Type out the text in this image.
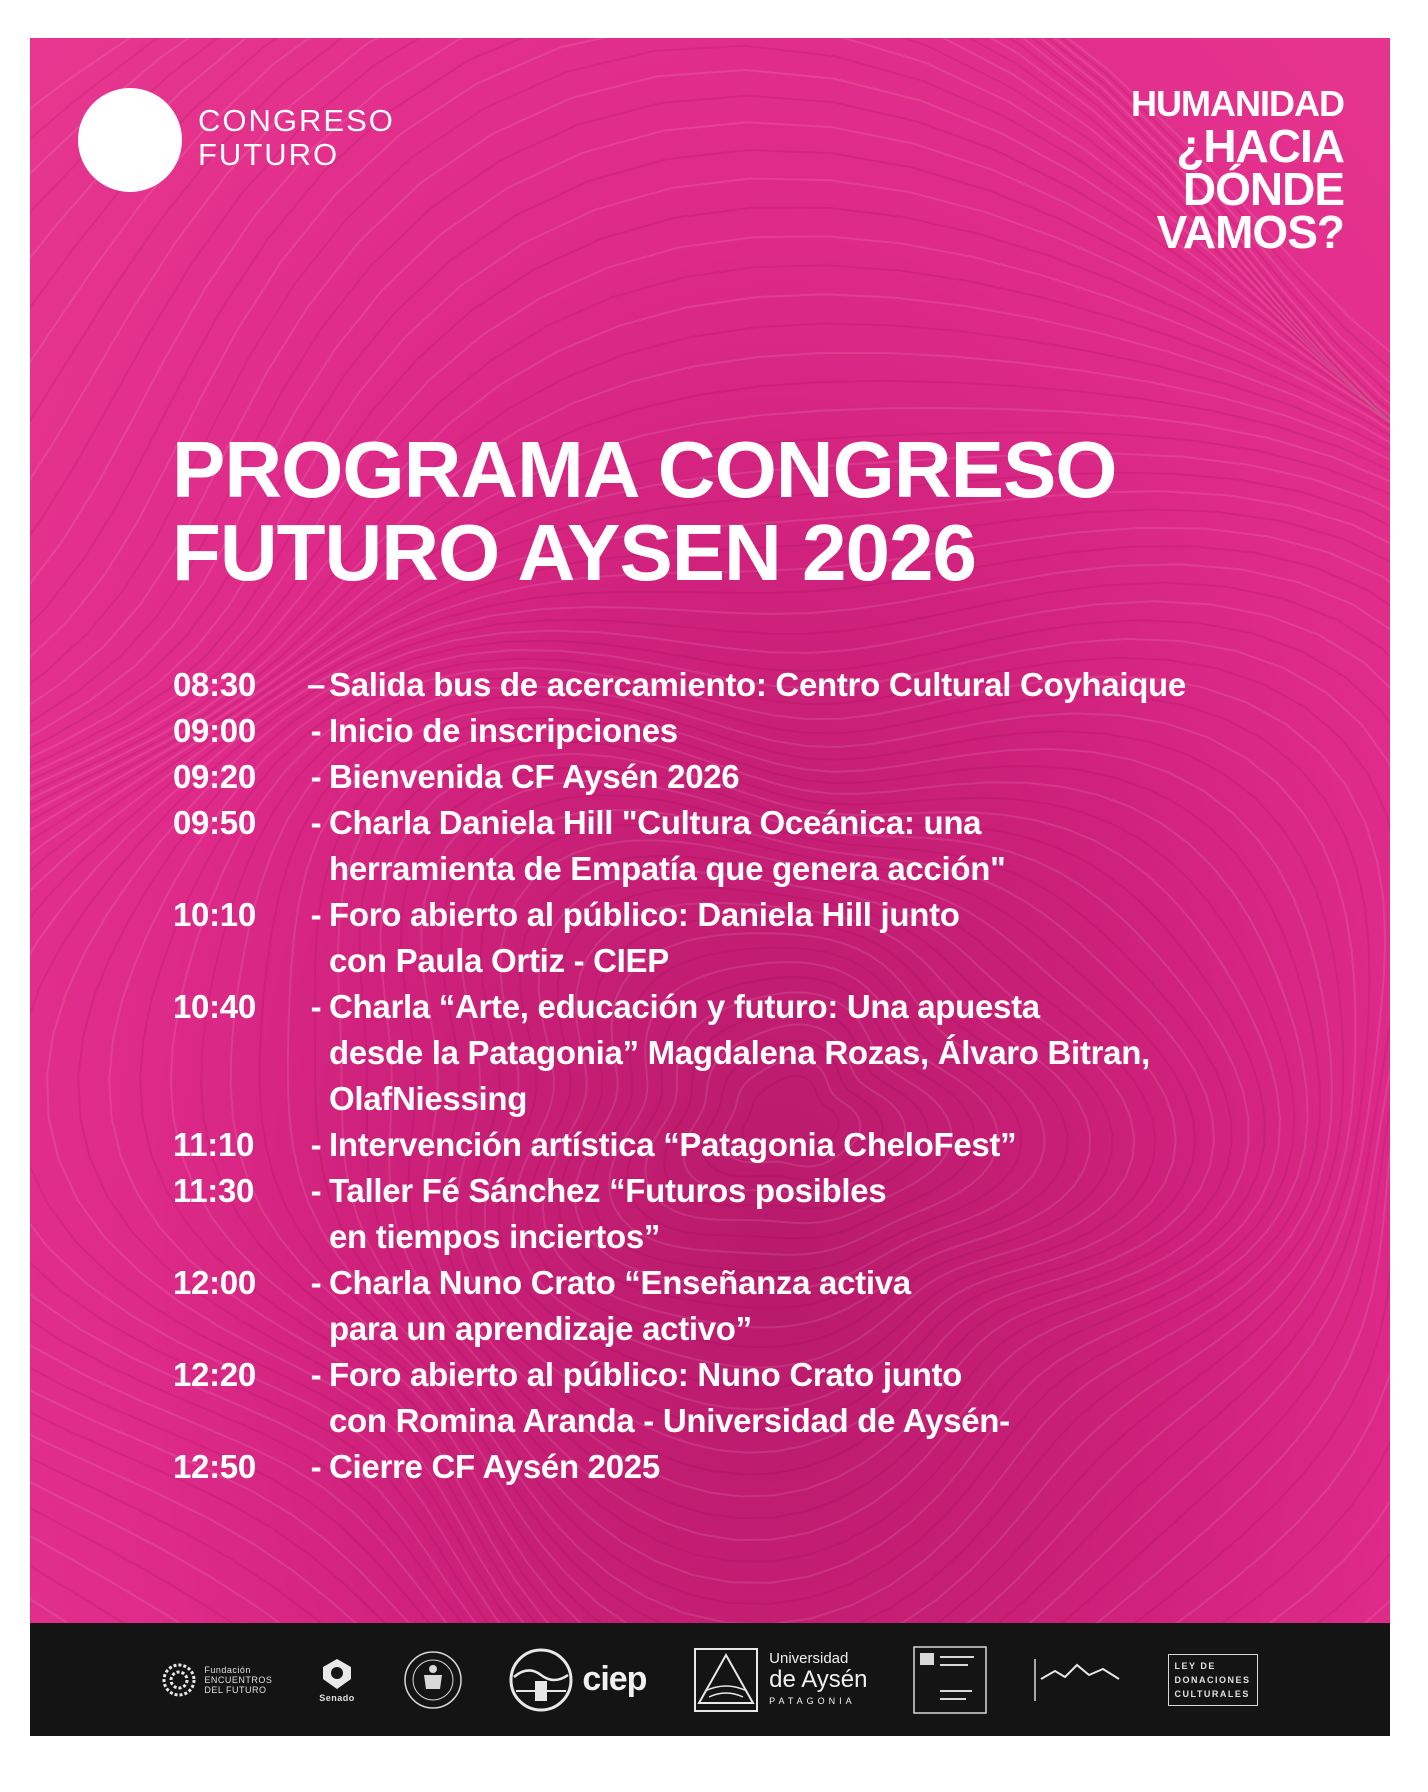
CONGRESO
FUTURO
HUMANIDAD
¿HACIA
DÓNDE
VAMOS?
PROGRAMA CONGRESO
FUTURO AYSEN 2026
08:30	– Salida bus de acercamiento: Centro Cultural Coyhaique
09:00	- Inicio de inscripciones
09:20	- Bienvenida CF Aysén 2026
09:50	- Charla Daniela Hill "Cultura Oceánica: una
herramienta de Empatía que genera acción"
10:10	- Foro abierto al público: Daniela Hill junto
con Paula Ortiz - CIEP
10:40	- Charla “Arte, educación y futuro: Una apuesta
desde la Patagonia” Magdalena Rozas, Álvaro Bitran,
OlafNiessing
11:10	- Intervención artística “Patagonia CheloFest”
11:30	- Taller Fé Sánchez “Futuros posibles
en tiempos inciertos”
12:00	- Charla Nuno Crato “Enseñanza activa
para un aprendizaje activo”
12:20	- Foro abierto al público: Nuno Crato junto
con Romina Aranda - Universidad de Aysén-
12:50	- Cierre CF Aysén 2025
Fundación
ENCUENTROS
DEL FUTURO
Senado	ciep
Universidad
de Aysén
PATAGONIA
LEY DE
DONACIONES
CULTURALES
